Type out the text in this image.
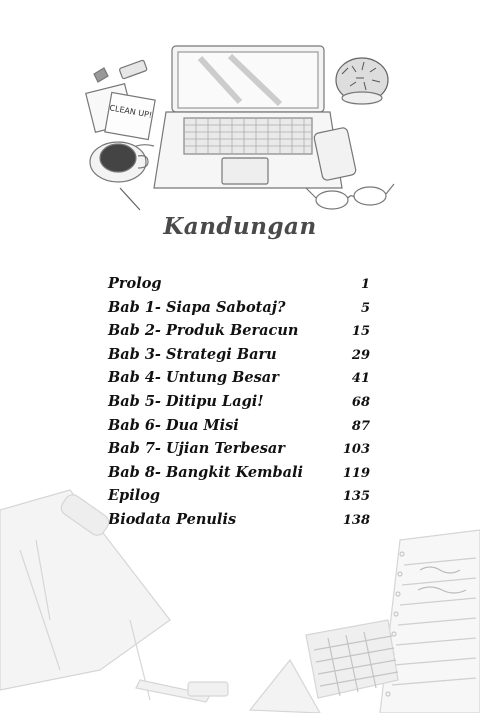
CLEAN UP!
Kandungan
Prolog	1
Bab 1- Siapa Sabotaj?	5
Bab 2- Produk Beracun	15
Bab 3- Strategi Baru	29
Bab 4- Untung Besar	41
Bab 5- Ditipu Lagi!	68
Bab 6- Dua Misi	87
Bab 7- Ujian Terbesar	103
Bab 8- Bangkit Kembali	119
Epilog	135
Biodata Penulis	138
